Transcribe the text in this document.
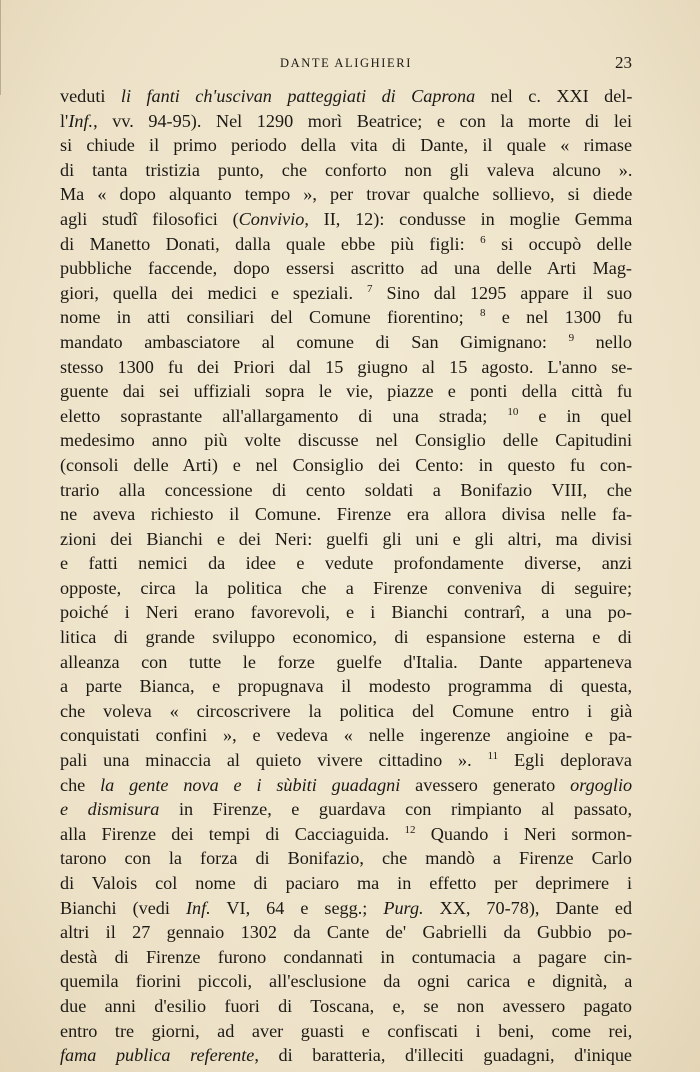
DANTE ALIGHIERI	23
veduti li fanti ch'uscivan patteggiati di Caprona nel c. XXI del-
l'Inf., vv. 94-95). Nel 1290 morì Beatrice; e con la morte di lei
si chiude il primo periodo della vita di Dante, il quale « rimase
di tanta tristizia punto, che conforto non gli valeva alcuno ».
Ma « dopo alquanto tempo », per trovar qualche sollievo, si diede
agli studî filosofici (Convivio, II, 12): condusse in moglie Gemma
di Manetto Donati, dalla quale ebbe più figli: $^6$ si occupò delle
pubbliche faccende, dopo essersi ascritto ad una delle Arti Mag-
giori, quella dei medici e speziali. $^7$ Sino dal 1295 appare il suo
nome in atti consiliari del Comune fiorentino; $^8$ e nel 1300 fu
mandato ambasciatore al comune di San Gimignano: $^9$ nello
stesso 1300 fu dei Priori dal 15 giugno al 15 agosto. L'anno se-
guente dai sei uffiziali sopra le vie, piazze e ponti della città fu
eletto soprastante all'allargamento di una strada; $^{10}$ e in quel
medesimo anno più volte discusse nel Consiglio delle Capitudini
(consoli delle Arti) e nel Consiglio dei Cento: in questo fu con-
trario alla concessione di cento soldati a Bonifazio VIII, che
ne aveva richiesto il Comune. Firenze era allora divisa nelle fa-
zioni dei Bianchi e dei Neri: guelfi gli uni e gli altri, ma divisi
e fatti nemici da idee e vedute profondamente diverse, anzi
opposte, circa la politica che a Firenze conveniva di seguire;
poiché i Neri erano favorevoli, e i Bianchi contrarî, a una po-
litica di grande sviluppo economico, di espansione esterna e di
alleanza con tutte le forze guelfe d'Italia. Dante apparteneva
a parte Bianca, e propugnava il modesto programma di questa,
che voleva « circoscrivere la politica del Comune entro i già
conquistati confini », e vedeva « nelle ingerenze angioine e pa-
pali una minaccia al quieto vivere cittadino ». $^{11}$ Egli deplorava
che la gente nova e i sùbiti guadagni avessero generato orgoglio
e dismisura in Firenze, e guardava con rimpianto al passato,
alla Firenze dei tempi di Cacciaguida. $^{12}$ Quando i Neri sormon-
tarono con la forza di Bonifazio, che mandò a Firenze Carlo
di Valois col nome di paciaro ma in effetto per deprimere i
Bianchi (vedi Inf. VI, 64 e segg.; Purg. XX, 70-78), Dante ed
altri il 27 gennaio 1302 da Cante de' Gabrielli da Gubbio po-
destà di Firenze furono condannati in contumacia a pagare cin-
quemila fiorini piccoli, all'esclusione da ogni carica e dignità, a
due anni d'esilio fuori di Toscana, e, se non avessero pagato
entro tre giorni, ad aver guasti e confiscati i beni, come rei,
fama publica referente, di baratteria, d'illeciti guadagni, d'inique
